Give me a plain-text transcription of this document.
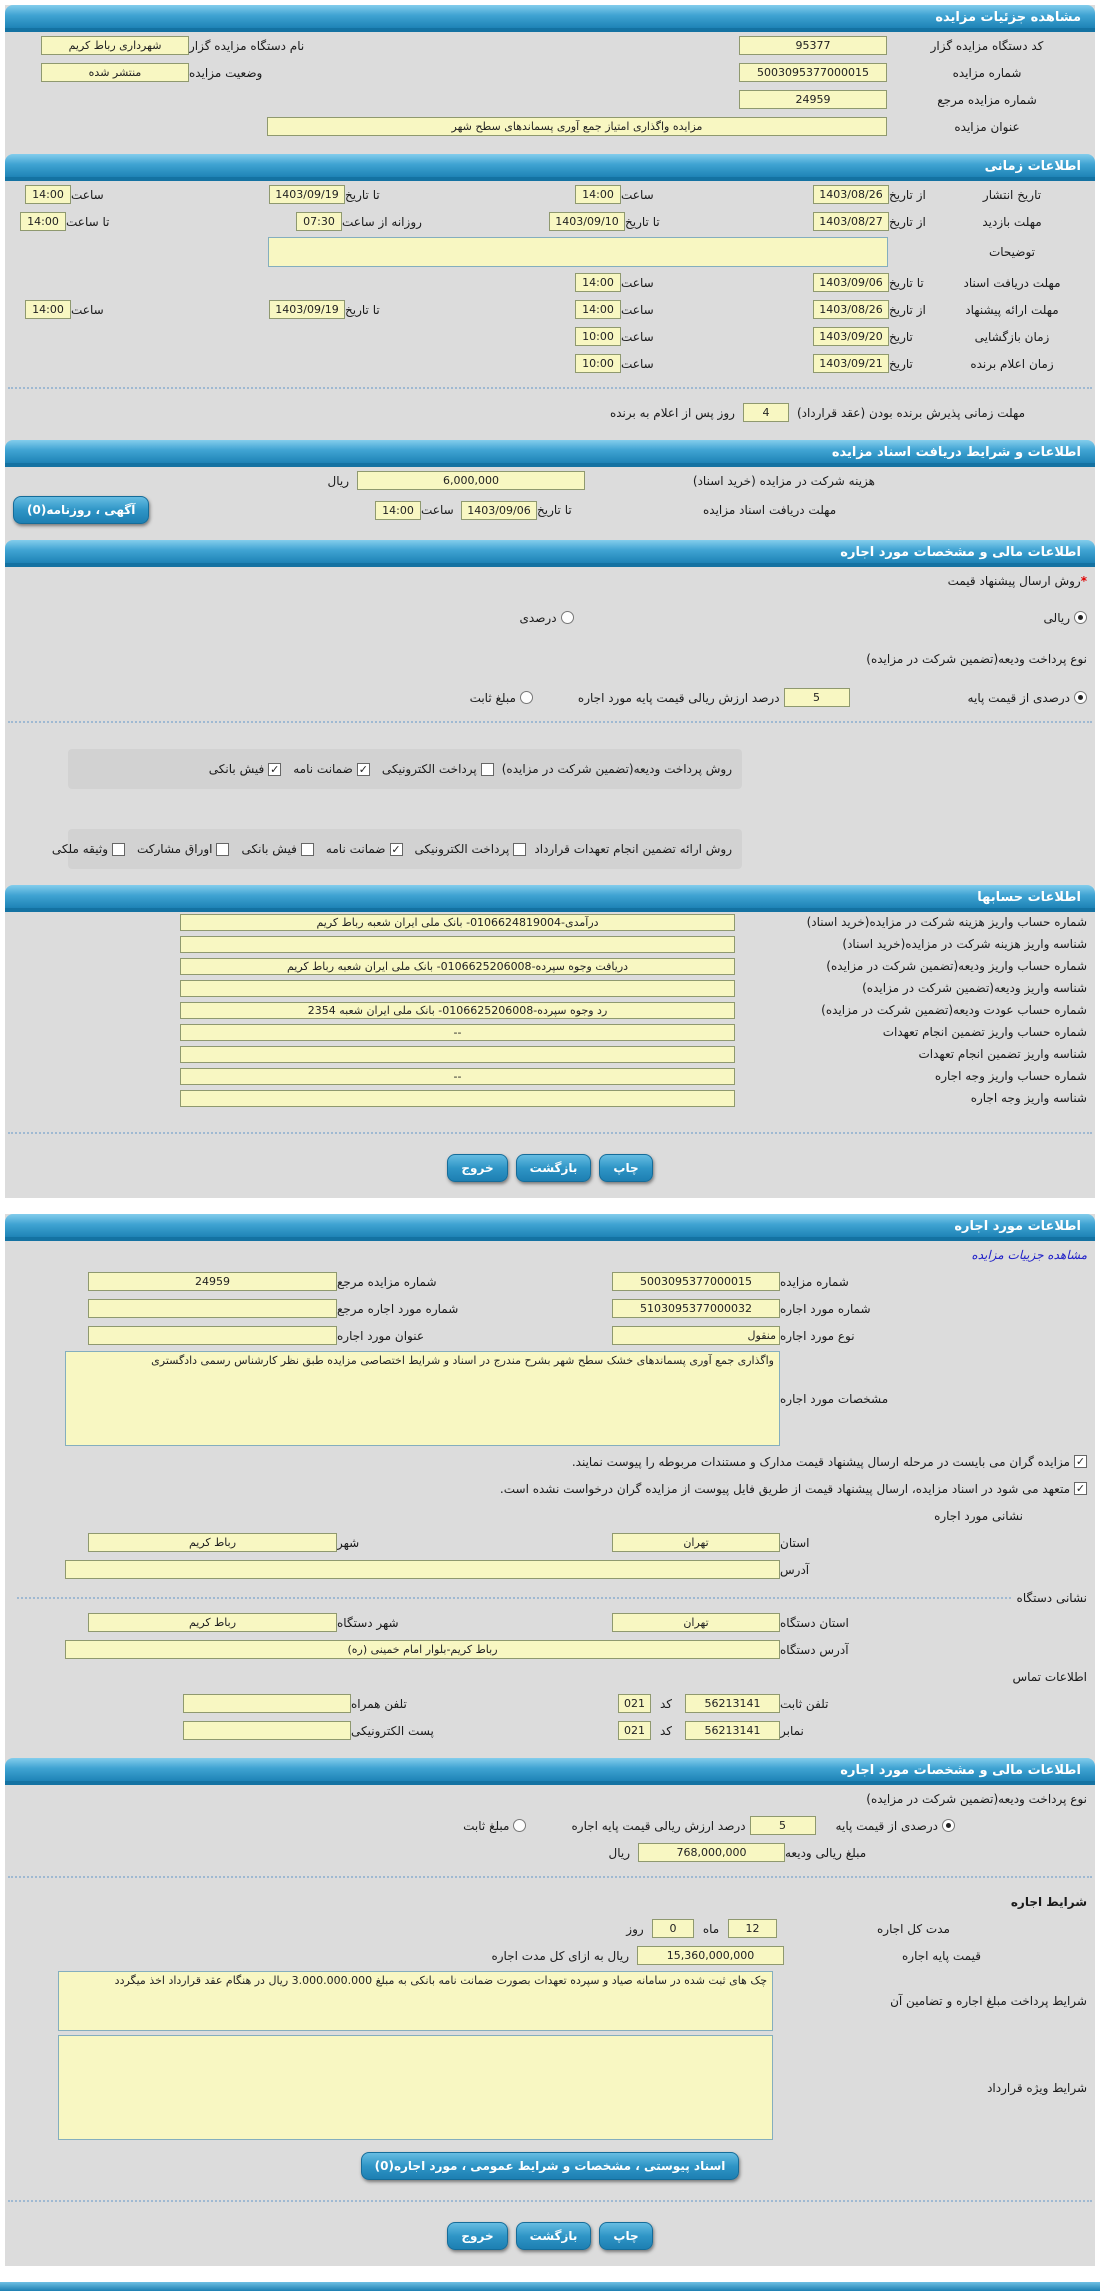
مشاهده جزئیات مزایده
کد دستگاه مزایده گزار
95377
نام دستگاه مزایده گزار
شهرداری رباط کریم
شماره مزایده
5003095377000015
وضعیت مزایده
منتشر شده
شماره مزایده مرجع
24959
عنوان مزایده
مزایده واگذاری امتیاز جمع آوری پسماندهای سطح شهر
اطلاعات زمانی
تاریخ انتشار
از تاریخ
1403/08/26
ساعت
14:00
تا تاریخ
1403/09/19
ساعت
14:00
مهلت بازدید
از تاریخ
1403/08/27
تا تاریخ
1403/09/10
روزانه از ساعت
07:30
تا ساعت
14:00
توضیحات
مهلت دریافت اسناد
تا تاریخ
1403/09/06
ساعت
14:00
مهلت ارائه پیشنهاد
از تاریخ
1403/08/26
ساعت
14:00
تا تاریخ
1403/09/19
ساعت
14:00
زمان بازگشایی
تاریخ
1403/09/20
ساعت
10:00
زمان اعلام برنده
تاریخ
1403/09/21
ساعت
10:00
مهلت زمانی پذیرش برنده بودن (عقد قرارداد)
4
روز پس از اعلام به برنده
اطلاعات و شرایط دریافت اسناد مزایده
هزینه شرکت در مزایده (خرید اسناد)
6,000,000
ریال
مهلت دریافت اسناد مزایده
تا تاریخ
1403/09/06
ساعت
14:00
آگهی ، روزنامه(0)
اطلاعات مالی و مشخصات مورد اجاره
*
روش ارسال پیشنهاد قیمت
ریالی
درصدی
نوع پرداخت ودیعه(تضمین شرکت در مزایده)
درصدی از قیمت پایه
5
درصد ارزش ریالی قیمت پایه مورد اجاره
مبلغ ثابت
روش پرداخت ودیعه(تضمین شرکت در مزایده)
پرداخت الکترونیکی
✓
ضمانت نامه
✓
فیش بانکی
روش ارائه تضمین انجام تعهدات قرارداد
پرداخت الکترونیکی
✓
ضمانت نامه
فیش بانکی
اوراق مشارکت
وثیقه ملکی
اطلاعات حسابها
شماره حساب واریز هزینه شرکت در مزایده(خرید اسناد)
درآمدی-0106624819004- بانک ملی ایران شعبه رباط کریم
شناسه واریز هزینه شرکت در مزایده(خرید اسناد)
شماره حساب واریز ودیعه(تضمین شرکت در مزایده)
دریافت وجوه سپرده-0106625206008- بانک ملی ایران شعبه رباط کریم
شناسه واریز ودیعه(تضمین شرکت در مزایده)
شماره حساب عودت ودیعه(تضمین شرکت در مزایده)
رد وجوه سپرده-0106625206008- بانک ملی ایران شعبه 2354
شماره حساب واریز تضمین انجام تعهدات
--
شناسه واریز تضمین انجام تعهدات
شماره حساب واریز وجه اجاره
--
شناسه واریز وجه اجاره
چاپ
بازگشت
خروج
اطلاعات مورد اجاره
مشاهده جزییات مزایده
شماره مزایده
5003095377000015
شماره مزایده مرجع
24959
شماره مورد اجاره
5103095377000032
شماره مورد اجاره مرجع
نوع مورد اجاره
منقول
عنوان مورد اجاره
مشخصات مورد اجاره
واگذاری جمع آوری پسماندهای خشک سطح شهر بشرح مندرج در اسناد و شرایط اختصاصی مزایده طبق نظر کارشناس رسمی دادگستری
✓
مزایده گران می بایست در مرحله ارسال پیشنهاد قیمت مدارک و مستندات مربوطه را پیوست نمایند.
✓
متعهد می شود در اسناد مزایده، ارسال پیشنهاد قیمت از طریق فایل پیوست از مزایده گران درخواست نشده است.
نشانی مورد اجاره
استان
تهران
شهر
رباط کریم
آدرس
نشانی دستگاه
استان دستگاه
تهران
شهر دستگاه
رباط کریم
آدرس دستگاه
رباط کریم-بلوار امام خمینی (ره)
اطلاعات تماس
تلفن ثابت
56213141
کد
021
تلفن همراه
نمابر
56213141
کد
021
پست الکترونیکی
اطلاعات مالی و مشخصات مورد اجاره
نوع پرداخت ودیعه(تضمین شرکت در مزایده)
درصدی از قیمت پایه
5
درصد ارزش ریالی قیمت پایه اجاره
مبلغ ثابت
مبلغ ریالی ودیعه
768,000,000
ریال
شرایط اجاره
مدت کل اجاره
12
ماه
0
روز
قیمت پایه اجاره
15,360,000,000
ریال به ازای کل مدت اجاره
شرایط پرداخت مبلغ اجاره و تضامین آن
چک های ثبت شده در سامانه صیاد و سپرده تعهدات بصورت ضمانت نامه بانکی به مبلغ 3.000.000.000 ریال در هنگام عقد قرارداد اخذ میگردد
شرایط ویژه قرارداد
اسناد پیوستی ، مشخصات و شرایط عمومی ، مورد اجاره(0)
چاپ
بازگشت
خروج
